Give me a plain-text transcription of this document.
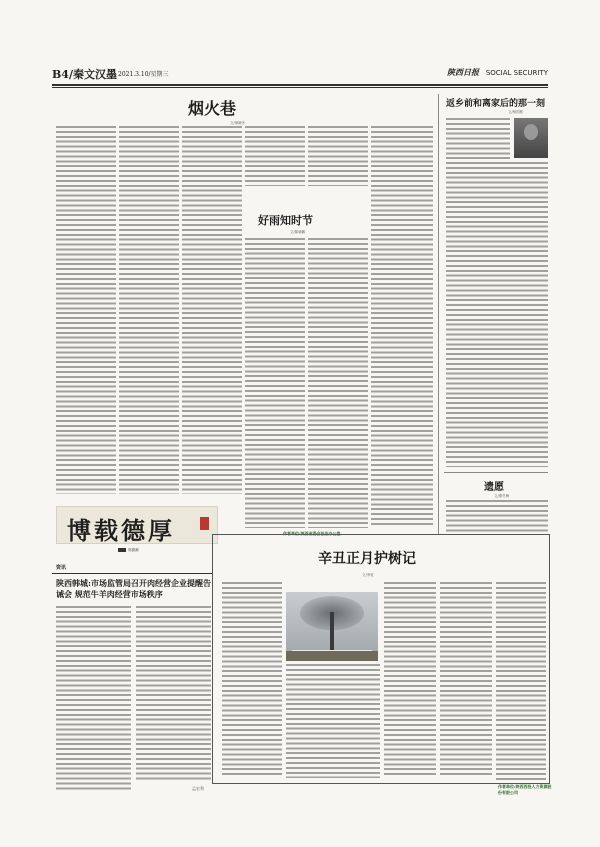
B4/秦文汉墨 2021.3.10/星期三	陕西日报 SOCIAL SECURITY
烟火巷
文/徐晓冬
好雨知时节
文/陈晓鹏
作者单位:陕西省委会法治办公室
返乡前和离家后的那一刻
文/杨国栋
遗愿
文/康冬梅
博载德厚
郭德潮
资讯
陕西韩城:市场监管局召开肉经营企业提醒告诫会 规范牛羊肉经营市场秩序
孟宏利
辛丑正月护树记
文/李宽
作者单位:陕西西投人力资源股份有限公司
